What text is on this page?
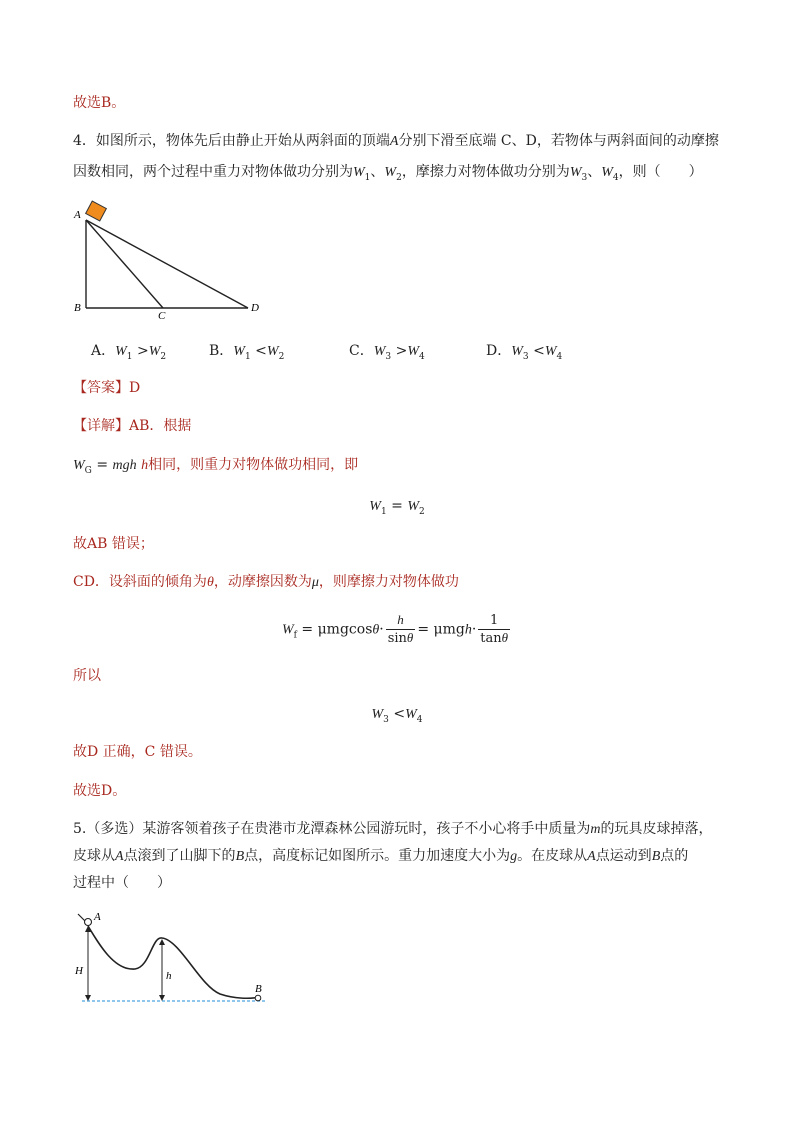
故选B。
4．如图所示，物体先后由静止开始从两斜面的顶端A分别下滑至底端 C、D，若物体与两斜面间的动摩擦
因数相同，两个过程中重力对物体做功分别为$W_1$、$W_2$，摩擦力对物体做功分别为$W_3$、$W_4$，则（　　）
A
B
C
D
A．$W_1 >W_2$	B．$W_1 <W_2$	C．$W_3 >W_4$	D．$W_3 <W_4$
【答案】D
【详解】AB．根据
$W_G$ = mgh h相同，则重力对物体做功相同，即
$W_1 = W_2$
故AB 错误；
CD．设斜面的倾角为θ，动摩擦因数为μ，则摩擦力对物体做功
$W_f = \mu mgcos\theta\cdot \frac{h}{\sin\theta} = \mu mgh\cdot \frac{1}{\tan\theta}$
所以
$W_3 <W_4$
故D 正确，C 错误。
故选D。
5.（多选）某游客领着孩子在贵港市龙潭森林公园游玩时，孩子不小心将手中质量为m的玩具皮球掉落，
皮球从A点滚到了山脚下的B点，高度标记如图所示。重力加速度大小为g。在皮球从A点运动到B点的
过程中（　　）
A
H	h
B
